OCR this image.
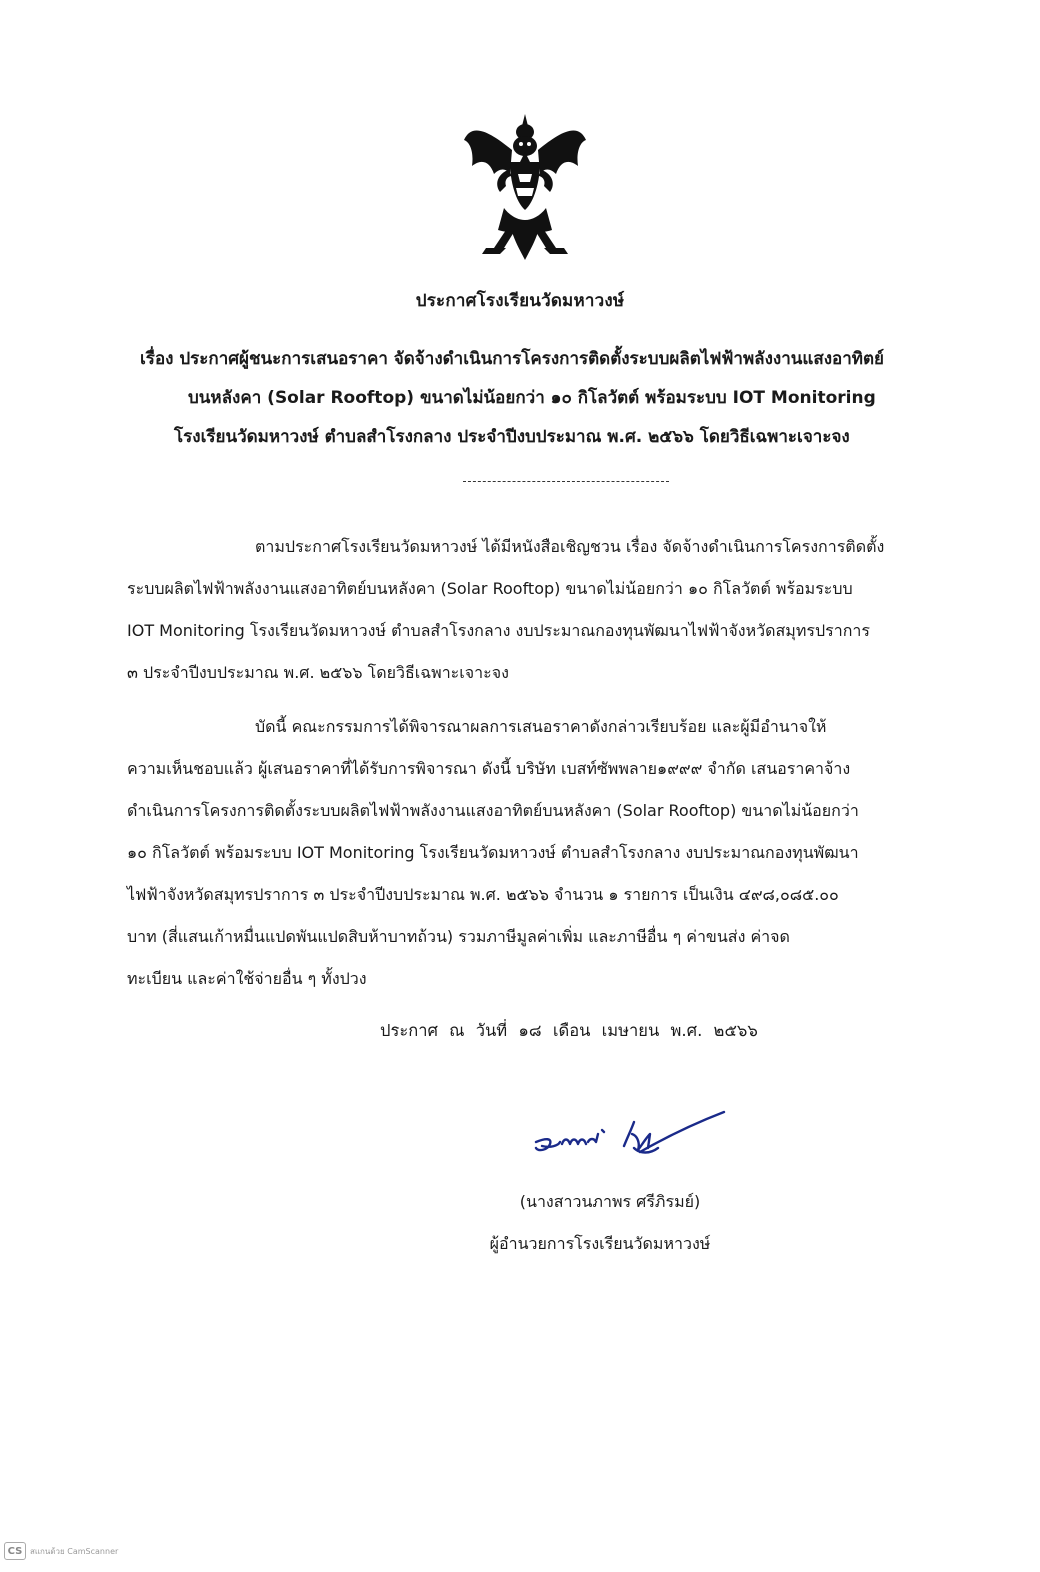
ประกาศโรงเรียนวัดมหาวงษ์
เรื่อง ประกาศผู้ชนะการเสนอราคา จัดจ้างดำเนินการโครงการติดตั้งระบบผลิตไฟฟ้าพลังงานแสงอาทิตย์
บนหลังคา (Solar Rooftop) ขนาดไม่น้อยกว่า ๑๐ กิโลวัตต์ พร้อมระบบ IOT Monitoring
โรงเรียนวัดมหาวงษ์ ตำบลสำโรงกลาง ประจำปีงบประมาณ พ.ศ. ๒๕๖๖ โดยวิธีเฉพาะเจาะจง
ตามประกาศโรงเรียนวัดมหาวงษ์ ได้มีหนังสือเชิญชวน เรื่อง จัดจ้างดำเนินการโครงการติดตั้ง
ระบบผลิตไฟฟ้าพลังงานแสงอาทิตย์บนหลังคา (Solar Rooftop) ขนาดไม่น้อยกว่า ๑๐ กิโลวัตต์ พร้อมระบบ
IOT Monitoring โรงเรียนวัดมหาวงษ์ ตำบลสำโรงกลาง งบประมาณกองทุนพัฒนาไฟฟ้าจังหวัดสมุทรปราการ
๓ ประจำปีงบประมาณ พ.ศ. ๒๕๖๖ โดยวิธีเฉพาะเจาะจง
บัดนี้ คณะกรรมการได้พิจารณาผลการเสนอราคาดังกล่าวเรียบร้อย และผู้มีอำนาจให้
ความเห็นชอบแล้ว ผู้เสนอราคาที่ได้รับการพิจารณา ดังนี้ บริษัท เบสท์ซัพพลาย๑๙๙๙ จำกัด เสนอราคาจ้าง
ดำเนินการโครงการติดตั้งระบบผลิตไฟฟ้าพลังงานแสงอาทิตย์บนหลังคา (Solar Rooftop) ขนาดไม่น้อยกว่า
๑๐ กิโลวัตต์ พร้อมระบบ IOT Monitoring โรงเรียนวัดมหาวงษ์ ตำบลสำโรงกลาง งบประมาณกองทุนพัฒนา
ไฟฟ้าจังหวัดสมุทรปราการ ๓ ประจำปีงบประมาณ พ.ศ. ๒๕๖๖ จำนวน ๑ รายการ เป็นเงิน ๔๙๘,๐๘๕.๐๐
บาท (สี่แสนเก้าหมื่นแปดพันแปดสิบห้าบาทถ้วน) รวมภาษีมูลค่าเพิ่ม และภาษีอื่น ๆ ค่าขนส่ง ค่าจด
ทะเบียน และค่าใช้จ่ายอื่น ๆ ทั้งปวง
ประกาศ ณ วันที่ ๑๘ เดือน เมษายน พ.ศ. ๒๕๖๖
(นางสาวนภาพร ศรีภิรมย์)
ผู้อำนวยการโรงเรียนวัดมหาวงษ์
CS สแกนด้วย CamScanner
